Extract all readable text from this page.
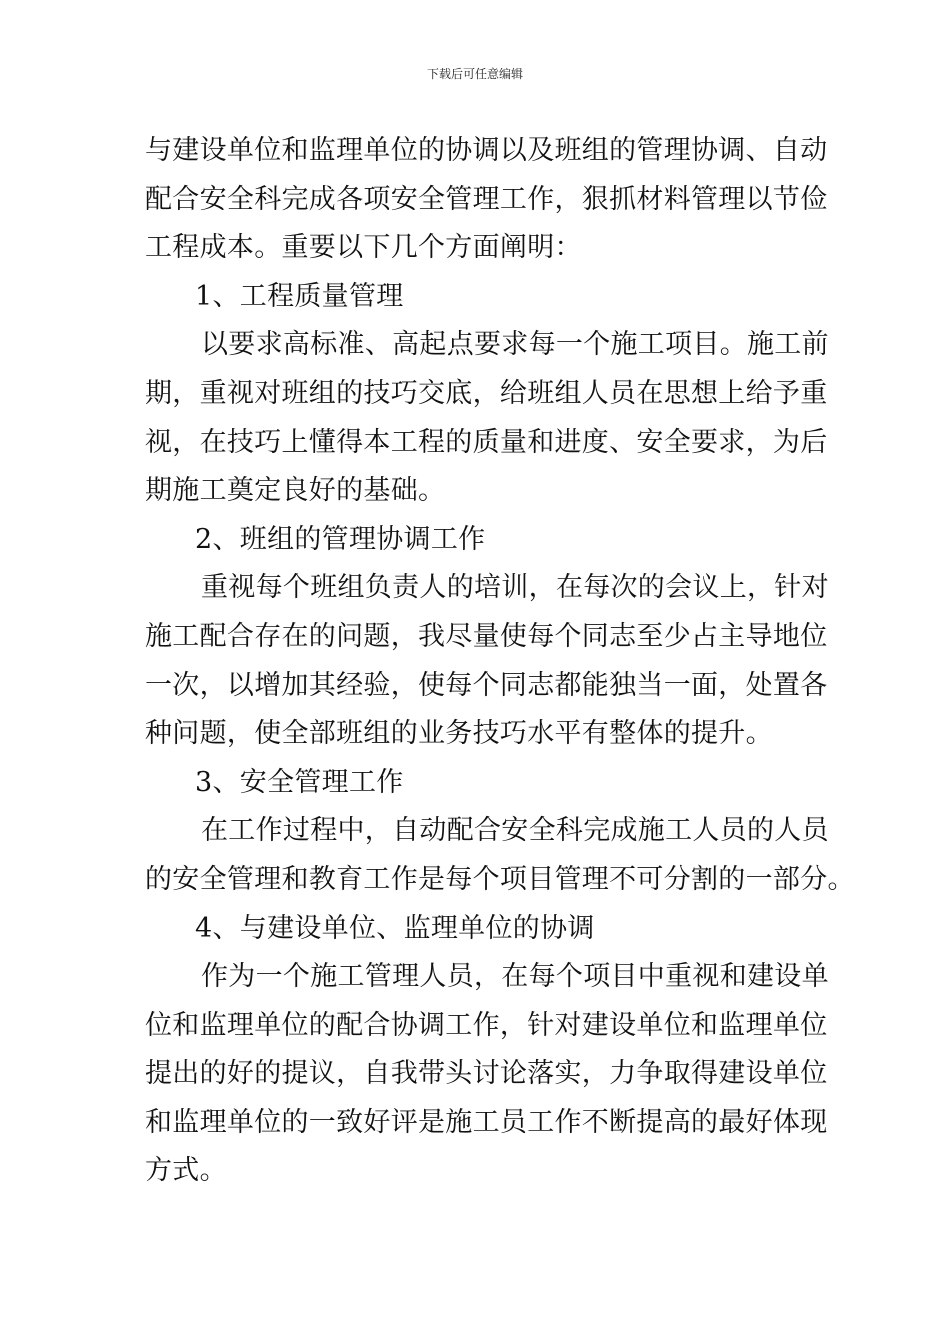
下载后可任意编辑
与建设单位和监理单位的协调以及班组的管理协调、自动
配合安全科完成各项安全管理工作，狠抓材料管理以节俭
工程成本。重要以下几个方面阐明：
1、工程质量管理
以要求高标准、高起点要求每一个施工项目。施工前
期，重视对班组的技巧交底，给班组人员在思想上给予重
视，在技巧上懂得本工程的质量和进度、安全要求，为后
期施工奠定良好的基础。
2、班组的管理协调工作
重视每个班组负责人的培训，在每次的会议上，针对
施工配合存在的问题，我尽量使每个同志至少占主导地位
一次，以增加其经验，使每个同志都能独当一面，处置各
种问题，使全部班组的业务技巧水平有整体的提升。
3、安全管理工作
在工作过程中，自动配合安全科完成施工人员的人员
的安全管理和教育工作是每个项目管理不可分割的一部分。
4、与建设单位、监理单位的协调
作为一个施工管理人员，在每个项目中重视和建设单
位和监理单位的配合协调工作，针对建设单位和监理单位
提出的好的提议，自我带头讨论落实，力争取得建设单位
和监理单位的一致好评是施工员工作不断提高的最好体现
方式。
